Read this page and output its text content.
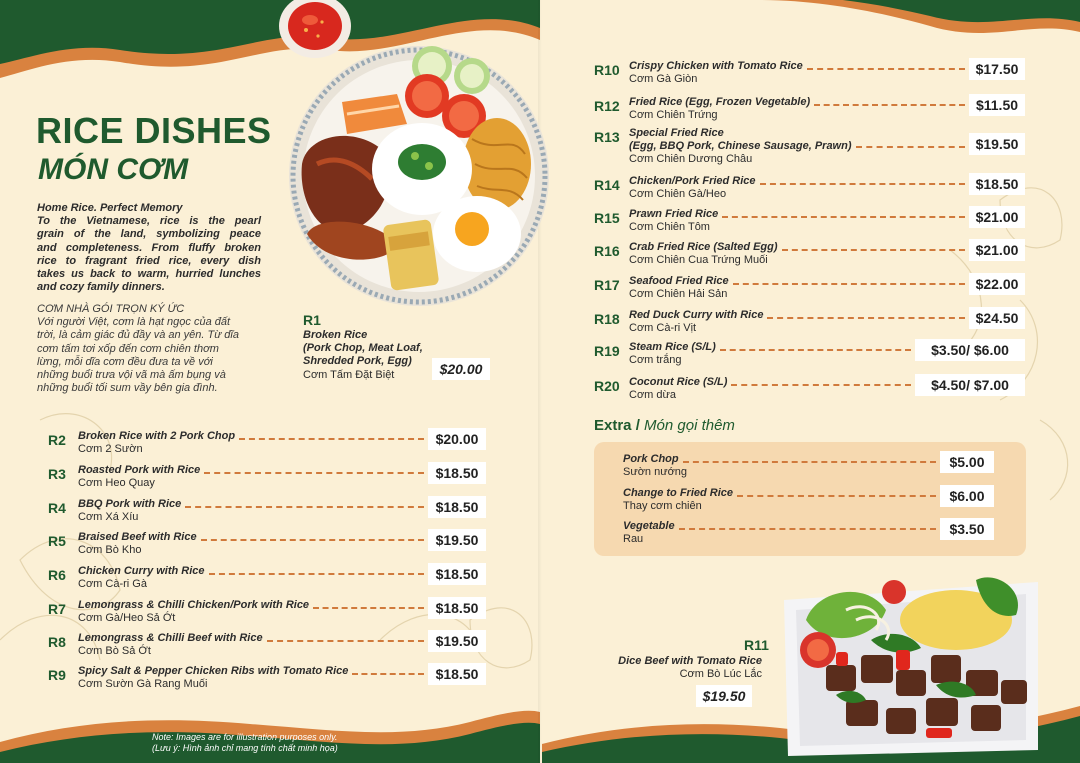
RICE DISHES
MÓN CƠM
Home Rice. Perfect Memory
To the Vietnamese, rice is the pearl
grain of the land, symbolizing peace
and completeness. From fluffy broken
rice to fragrant fried rice, every dish
takes us back to warm, hurried lunches
and cozy family dinners.
CƠM NHÀ GÓI TRỌN KÝ ỨC
Với người Việt, cơm là hạt ngọc của đất
trời, là cảm giác đủ đầy và an yên. Từ dĩa
cơm tấm tơi xốp đến cơm chiên thơm
lừng, mỗi dĩa cơm đều đưa ta về với
những buổi trưa vội vã mà ấm bụng và
những buổi tối sum vầy bên gia đình.
R1
Broken Rice
(Pork Chop, Meat Loaf,
Shredded Pork, Egg)
Cơm Tấm Đặt Biệt	$20.00
R2 Broken Rice with 2 Pork Chop
Cơm 2 Sườn
$20.00
R3 Roasted Pork with Rice
Cơm Heo Quay
$18.50
R4 BBQ Pork with Rice
Cơm Xá Xíu
$18.50
R5 Braised Beef with Rice
Cơm Bò Kho
$19.50
R6 Chicken Curry with Rice
Cơm Cà-ri Gà
$18.50
R7 Lemongrass & Chilli Chicken/Pork with Rice
Cơm Gà/Heo Sả Ớt
$18.50
R8 Lemongrass & Chilli Beef with Rice
Cơm Bò Sả Ớt
$19.50
R9 Spicy Salt & Pepper Chicken Ribs with Tomato Rice
Cơm Sườn Gà Rang Muối
$18.50
R10 Crispy Chicken with Tomato Rice
Cơm Gà Giòn
$17.50
R12 Fried Rice (Egg, Frozen Vegetable)
Cơm Chiên Trứng
$11.50
R13 Special Fried Rice
(Egg, BBQ Pork, Chinese Sausage, Prawn)
Cơm Chiên Dương Châu
$19.50
R14 Chicken/Pork Fried Rice
Cơm Chiên Gà/Heo
$18.50
R15 Prawn Fried Rice
Cơm Chiên Tôm
$21.00
R16 Crab Fried Rice (Salted Egg)
Cơm Chiên Cua Trứng Muối
$21.00
R17 Seafood Fried Rice
Cơm Chiên Hải Sản
$22.00
R18 Red Duck Curry with Rice
Cơm Cà-ri Vịt
$24.50
R19 Steam Rice (S/L)
Cơm trắng
$3.50/ $6.00
R20 Coconut Rice (S/L)
Cơm dừa
$4.50/ $7.00
Extra / Món gọi thêm
Pork Chop
Sườn nướng
$5.00
Change to Fried Rice
Thay cơm chiên
$6.00
Vegetable
Rau
$3.50
R11
Dice Beef with Tomato Rice
Cơm Bò Lúc Lắc
$19.50
Note: Images are for illustration purposes only.
(Lưu ý: Hình ảnh chỉ mang tính chất minh họa)
